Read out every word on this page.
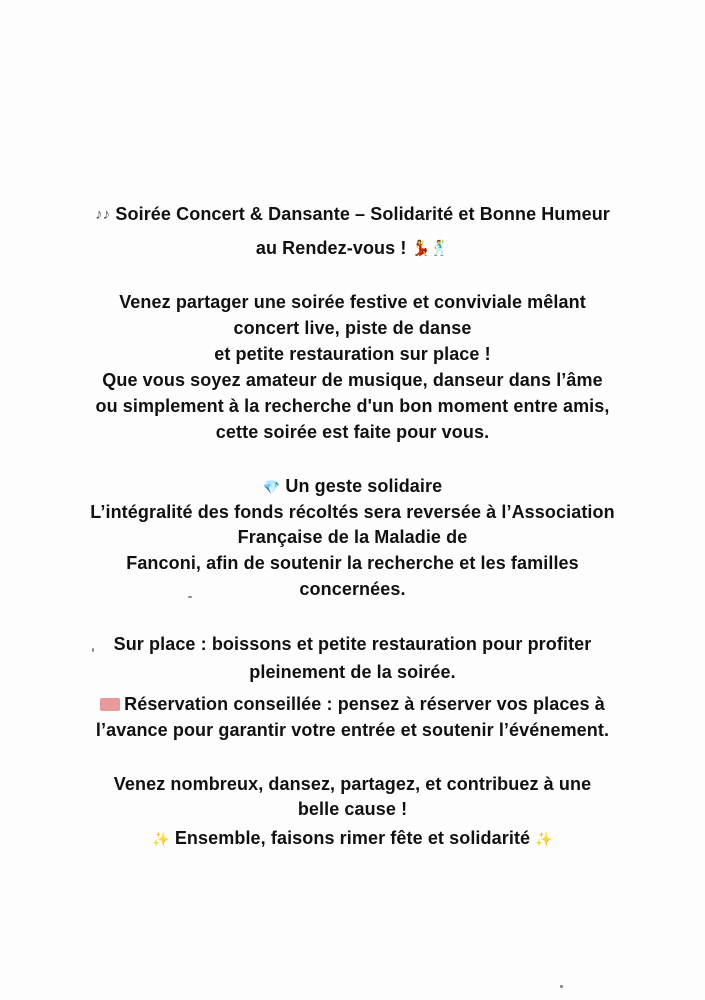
♪♪ Soirée Concert & Dansante – Solidarité et Bonne Humeur
au Rendez-vous ! 💃🕺
Venez partager une soirée festive et conviviale mêlant
concert live, piste de danse
et petite restauration sur place !
Que vous soyez amateur de musique, danseur dans l’âme
ou simplement à la recherche d'un bon moment entre amis,
cette soirée est faite pour vous.
💎 Un geste solidaire
L’intégralité des fonds récoltés sera reversée à l’Association
Française de la Maladie de
Fanconi, afin de soutenir la recherche et les familles
concernées.
Sur place : boissons et petite restauration pour profiter
pleinement de la soirée.
Réservation conseillée : pensez à réserver vos places à
l’avance pour garantir votre entrée et soutenir l’événement.
Venez nombreux, dansez, partagez, et contribuez à une
belle cause !
✨ Ensemble, faisons rimer fête et solidarité ✨
